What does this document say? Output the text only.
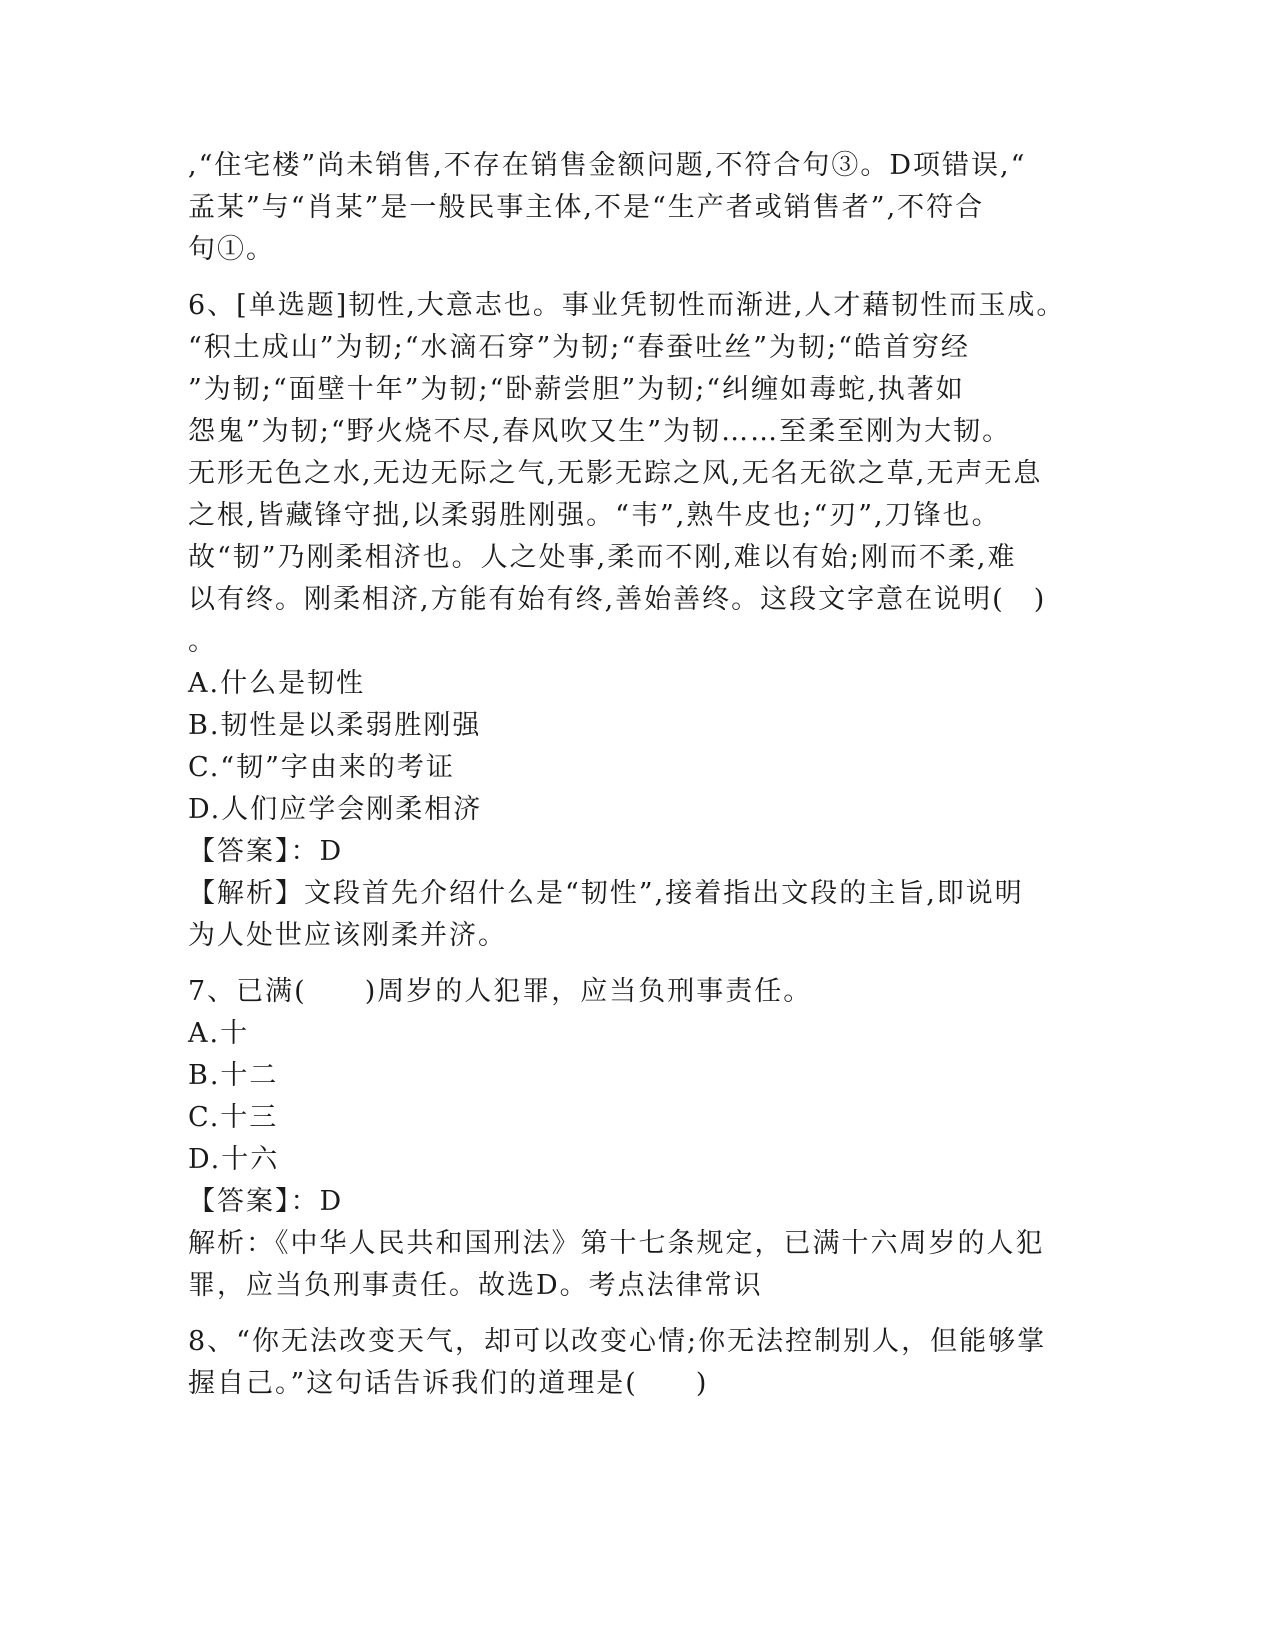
,“住宅楼”尚未销售,不存在销售金额问题,不符合句③。D项错误,“
孟某”与“肖某”是一般民事主体,不是“生产者或销售者”,不符合
句①。
6、[单选题]韧性,大意志也。事业凭韧性而渐进,人才藉韧性而玉成。
“积土成山”为韧;“水滴石穿”为韧;“春蚕吐丝”为韧;“皓首穷经
”为韧;“面壁十年”为韧;“卧薪尝胆”为韧;“纠缠如毒蛇,执著如
怨鬼”为韧;“野火烧不尽,春风吹又生”为韧……至柔至刚为大韧。
无形无色之水,无边无际之气,无影无踪之风,无名无欲之草,无声无息
之根,皆藏锋守拙,以柔弱胜刚强。“韦”,熟牛皮也;“刃”,刀锋也。
故“韧”乃刚柔相济也。人之处事,柔而不刚,难以有始;刚而不柔,难
以有终。刚柔相济,方能有始有终,善始善终。这段文字意在说明(　)
。
A.什么是韧性
B.韧性是以柔弱胜刚强
C.“韧”字由来的考证
D.人们应学会刚柔相济
【答案】：D
【解析】文段首先介绍什么是“韧性”,接着指出文段的主旨,即说明
为人处世应该刚柔并济。
7、已满(　　)周岁的人犯罪，应当负刑事责任。
A.十
B.十二
C.十三
D.十六
【答案】：D
解析：《中华人民共和国刑法》第十七条规定，已满十六周岁的人犯
罪，应当负刑事责任。故选D。考点法律常识
8、“你无法改变天气，却可以改变心情;你无法控制别人，但能够掌
握自己。”这句话告诉我们的道理是(　　)
